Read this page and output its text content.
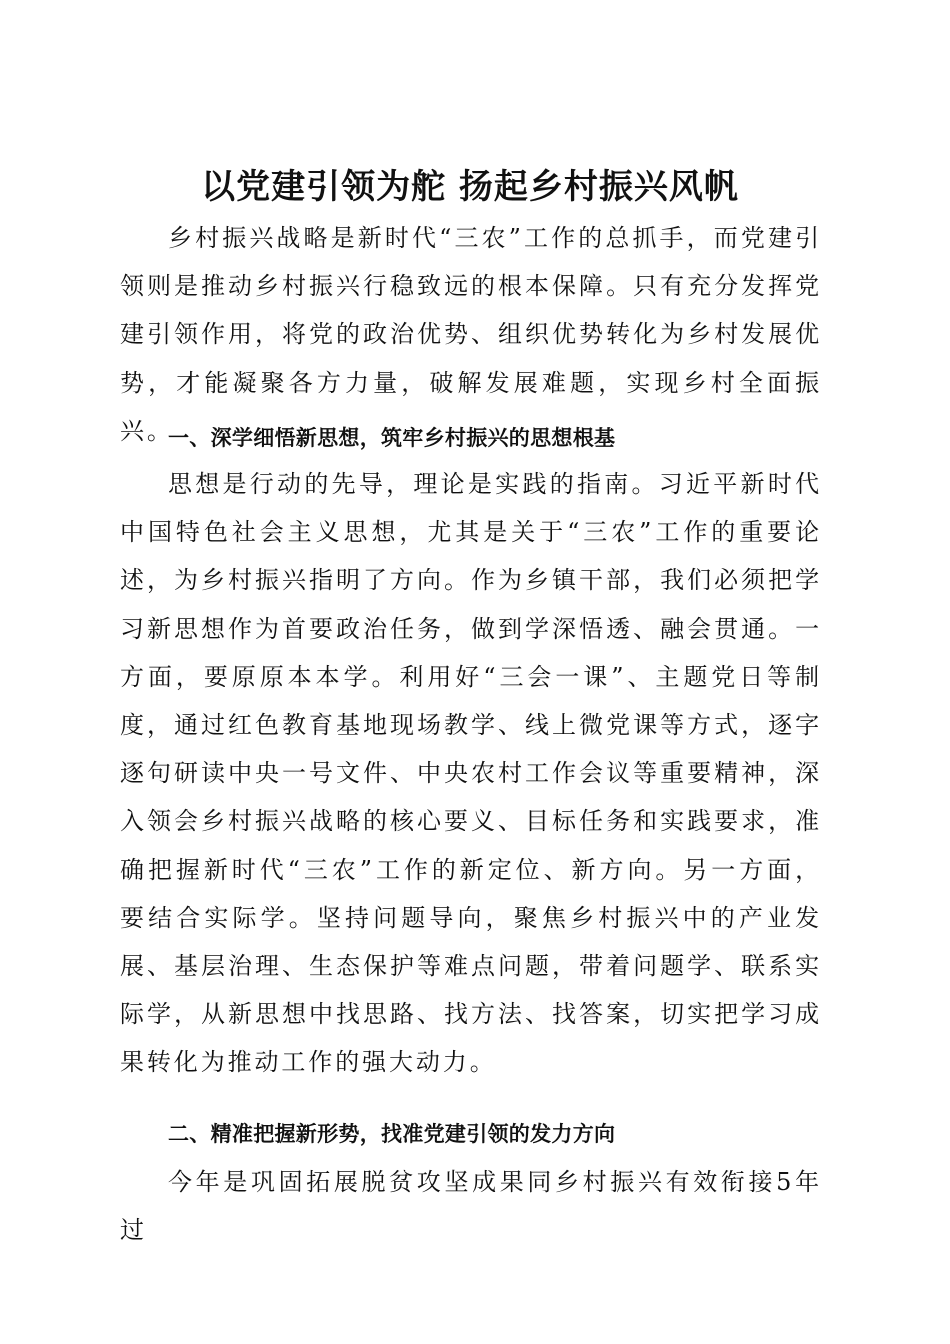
以党建引领为舵 扬起乡村振兴风帆

乡村振兴战略是新时代“三农”工作的总抓手，而党建引领则是推动乡村振兴行稳致远的根本保障。只有充分发挥党建引领作用，将党的政治优势、组织优势转化为乡村发展优势，才能凝聚各方力量，破解发展难题，实现乡村全面振兴。

一、深学细悟新思想，筑牢乡村振兴的思想根基

思想是行动的先导，理论是实践的指南。习近平新时代中国特色社会主义思想，尤其是关于“三农”工作的重要论述，为乡村振兴指明了方向。作为乡镇干部，我们必须把学习新思想作为首要政治任务，做到学深悟透、融会贯通。一方面，要原原本本学。利用好“三会一课”、主题党日等制度，通过红色教育基地现场教学、线上微党课等方式，逐字逐句研读中央一号文件、中央农村工作会议等重要精神，深入领会乡村振兴战略的核心要义、目标任务和实践要求，准确把握新时代“三农”工作的新定位、新方向。另一方面，要结合实际学。坚持问题导向，聚焦乡村振兴中的产业发展、基层治理、生态保护等难点问题，带着问题学、联系实际学，从新思想中找思路、找方法、找答案，切实把学习成果转化为推动工作的强大动力。

二、精准把握新形势，找准党建引领的发力方向

今年是巩固拓展脱贫攻坚成果同乡村振兴有效衔接5年过
